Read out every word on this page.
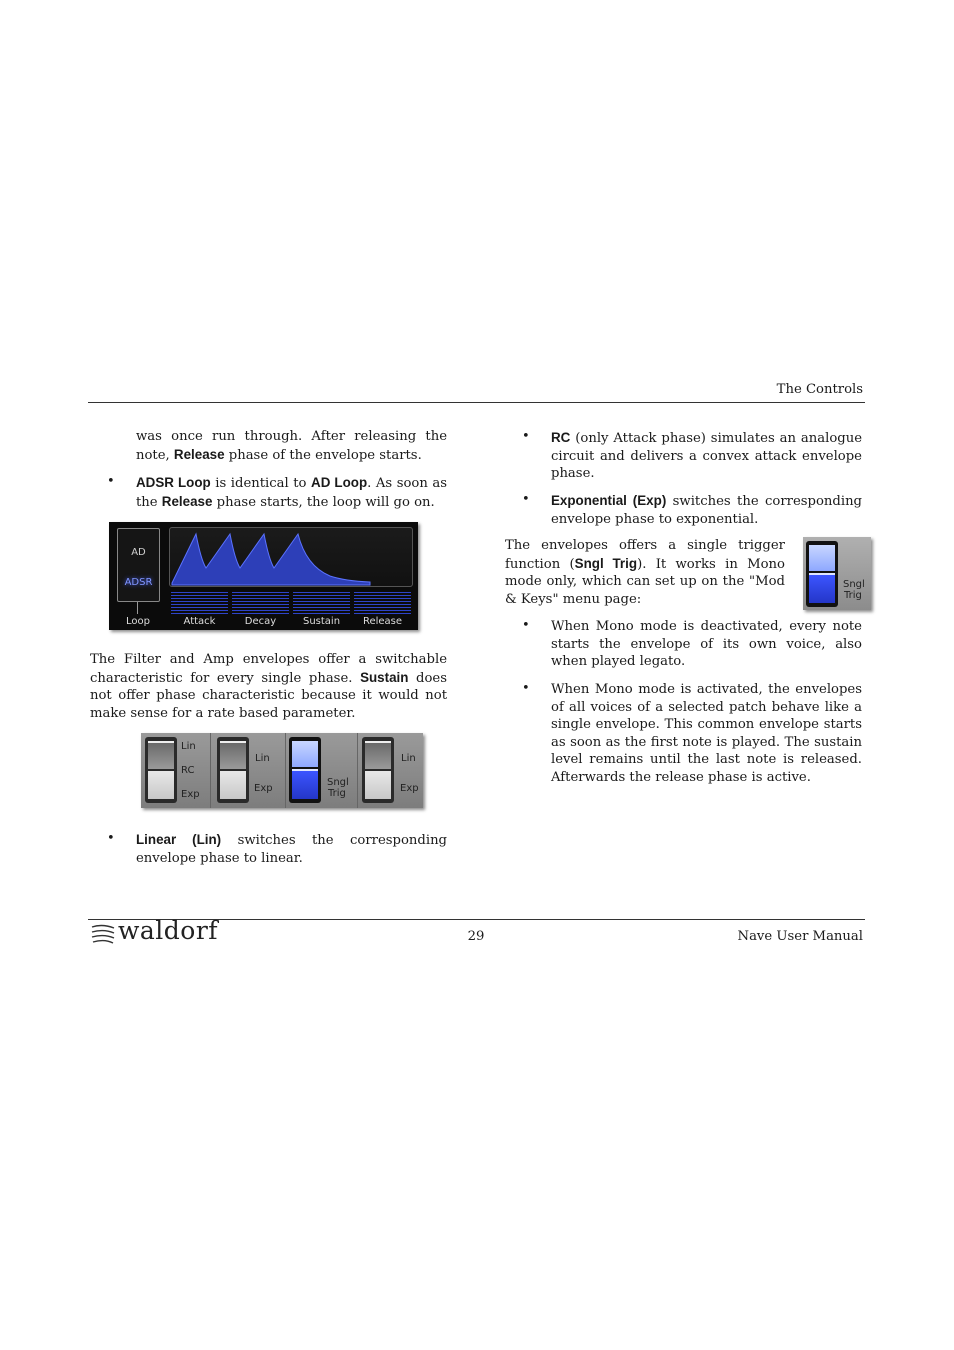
The Controls
was once run through. After releasing the note, Release phase of the envelope starts.
• ADSR Loop is identical to AD Loop. As soon as the Release phase starts, the loop will go on.
AD
ADSR
Loop	Attack	Decay	Sustain	Release
The Filter and Amp envelopes offer a switchable characteristic for every single phase. Sustain does not offer phase characteristic because it would not make sense for a rate based parameter.
Lin
RC
Exp
Lin
Exp
Sngl
Trig
Lin
Exp
• Linear (Lin) switches the corresponding envelope phase to linear.
• RC (only Attack phase) simulates an analogue circuit and delivers a convex attack envelope phase.
• Exponential (Exp) switches the corresponding envelope phase to exponential.
The envelopes offers a single trigger function (Sngl Trig). It works in Mono mode only, which can set up on the "Mod & Keys" menu page:
Sngl
Trig
• When Mono mode is deactivated, every note starts the envelope of its own voice, also when played legato.
• When Mono mode is activated, the envelopes of all voices of a selected patch behave like a single envelope. This common envelope starts as soon as the first note is played. The sustain level remains until the last note is released. Afterwards the release phase is active.
waldorf	29	Nave User Manual
